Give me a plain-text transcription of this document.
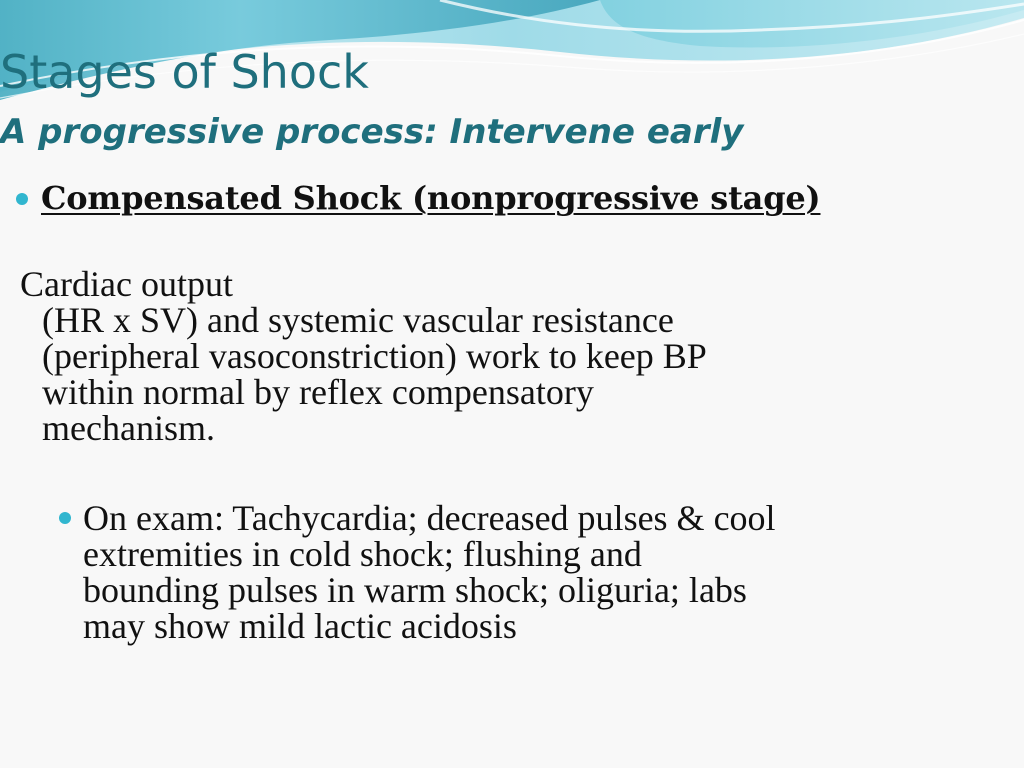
Stages of Shock
A progressive process: Intervene early
Compensated Shock (nonprogressive stage)
Cardiac output
(HR x SV) and systemic vascular resistance
(peripheral vasoconstriction) work to keep BP
within normal by reflex compensatory
mechanism.
On exam: Tachycardia; decreased pulses & cool
extremities in cold shock; flushing and
bounding pulses in warm shock; oliguria; labs
may show mild lactic acidosis
